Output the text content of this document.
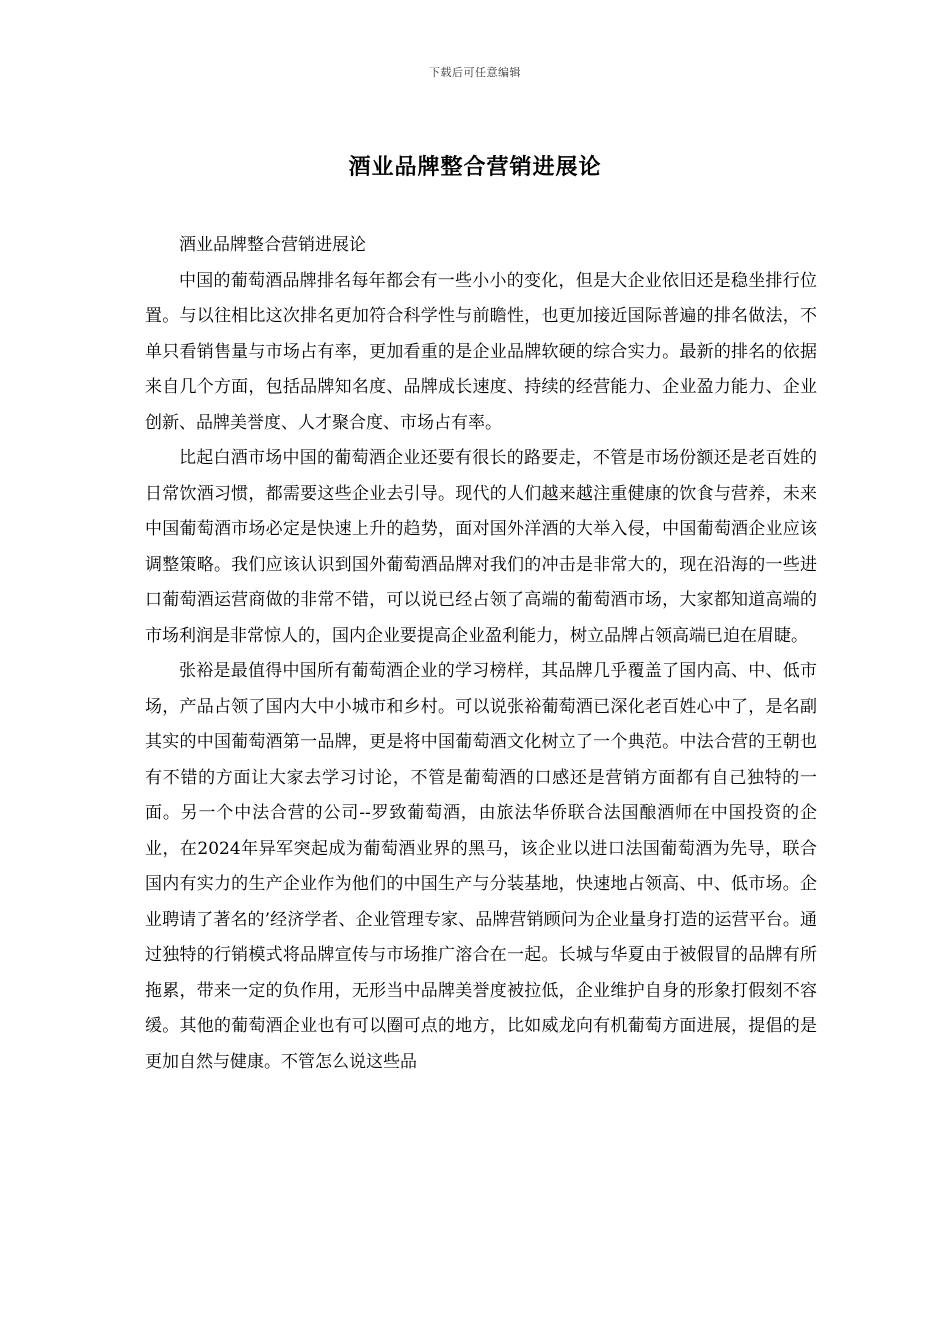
下载后可任意编辑
酒业品牌整合营销进展论

酒业品牌整合营销进展论

中国的葡萄酒品牌排名每年都会有一些小小的变化，但是大企业依旧还是稳坐排行位置。与以往相比这次排名更加符合科学性与前瞻性，也更加接近国际普遍的排名做法，不单只看销售量与市场占有率，更加看重的是企业品牌软硬的综合实力。最新的排名的依据来自几个方面，包括品牌知名度、品牌成长速度、持续的经营能力、企业盈力能力、企业创新、品牌美誉度、人才聚合度、市场占有率。

比起白酒市场中国的葡萄酒企业还要有很长的路要走，不管是市场份额还是老百姓的日常饮酒习惯，都需要这些企业去引导。现代的人们越来越注重健康的饮食与营养，未来中国葡萄酒市场必定是快速上升的趋势，面对国外洋酒的大举入侵，中国葡萄酒企业应该调整策略。我们应该认识到国外葡萄酒品牌对我们的冲击是非常大的，现在沿海的一些进口葡萄酒运营商做的非常不错，可以说已经占领了高端的葡萄酒市场，大家都知道高端的市场利润是非常惊人的，国内企业要提高企业盈利能力，树立品牌占领高端已迫在眉睫。

张裕是最值得中国所有葡萄酒企业的学习榜样，其品牌几乎覆盖了国内高、中、低市场，产品占领了国内大中小城市和乡村。可以说张裕葡萄酒已深化老百姓心中了，是名副其实的中国葡萄酒第一品牌，更是将中国葡萄酒文化树立了一个典范。中法合营的王朝也有不错的方面让大家去学习讨论，不管是葡萄酒的口感还是营销方面都有自己独特的一面。另一个中法合营的公司--罗致葡萄酒，由旅法华侨联合法国酿酒师在中国投资的企业，在2024年异军突起成为葡萄酒业界的黑马，该企业以进口法国葡萄酒为先导，联合国内有实力的生产企业作为他们的中国生产与分装基地，快速地占领高、中、低市场。企业聘请了著名的’经济学者、企业管理专家、品牌营销顾问为企业量身打造的运营平台。通过独特的行销模式将品牌宣传与市场推广溶合在一起。长城与华夏由于被假冒的品牌有所拖累，带来一定的负作用，无形当中品牌美誉度被拉低，企业维护自身的形象打假刻不容缓。其他的葡萄酒企业也有可以圈可点的地方，比如威龙向有机葡萄方面进展，提倡的是更加自然与健康。不管怎么说这些品
